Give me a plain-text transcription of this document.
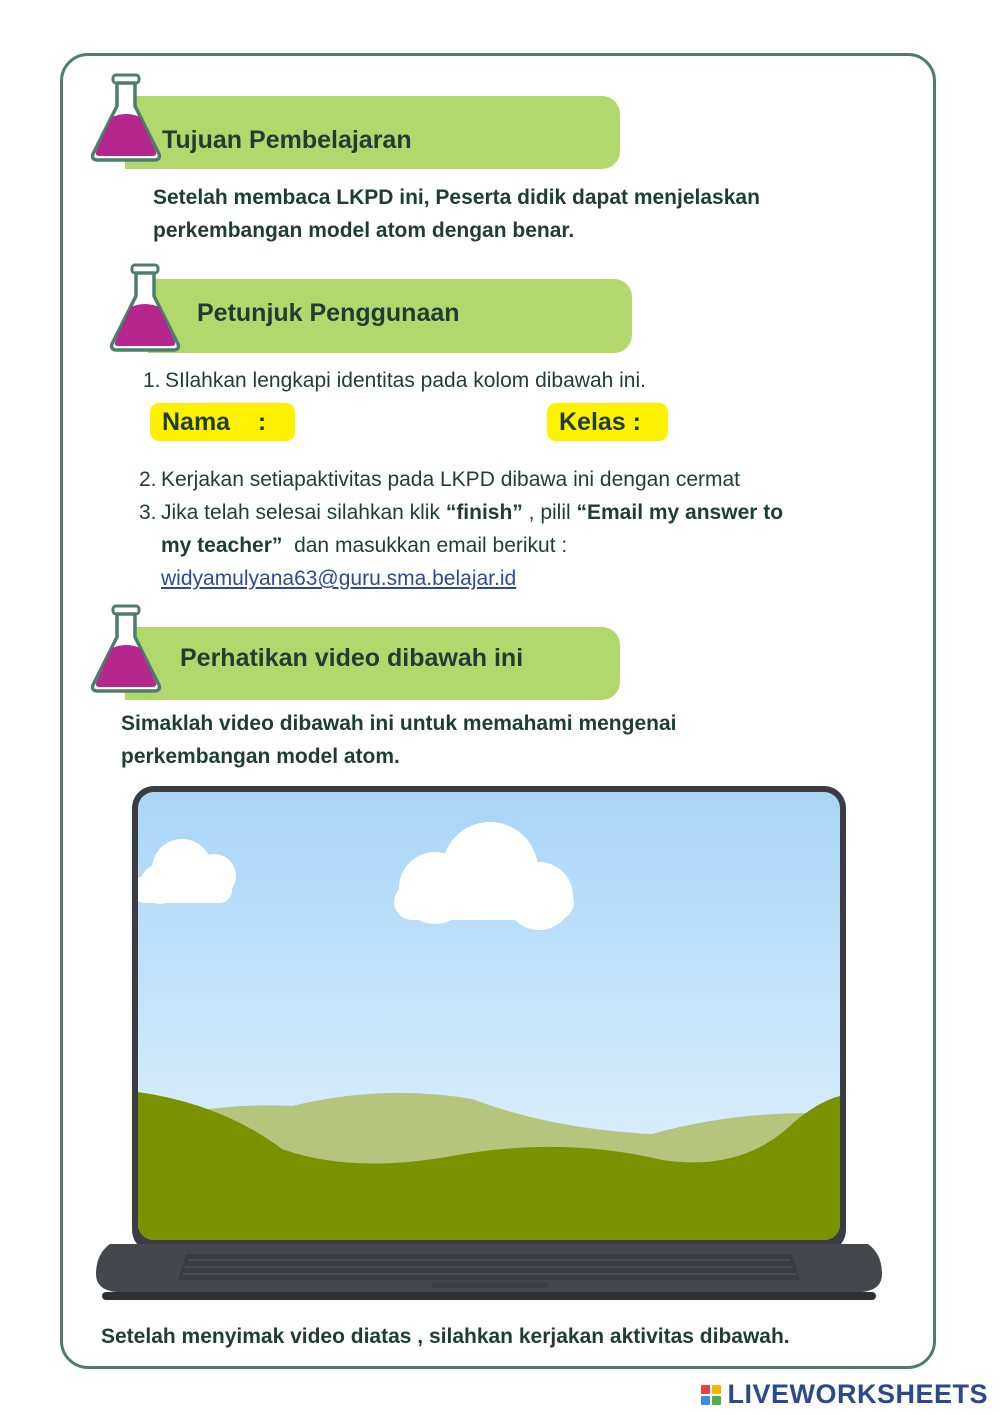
Tujuan Pembelajaran
Setelah membaca LKPD ini, Peserta didik dapat menjelaskan
perkembangan model atom dengan benar.
Petunjuk Penggunaan
1. SIlahkan lengkapi identitas pada kolom dibawah ini.
Nama    :	Kelas :
2. Kerjakan setiapaktivitas pada LKPD dibawa ini dengan cermat
3. Jika telah selesai silahkan klik “finish” , pilil “Email my answer to
my teacher”  dan masukkan email berikut :
widyamulyana63@guru.sma.belajar.id
Perhatikan video dibawah ini
Simaklah video dibawah ini untuk memahami mengenai
perkembangan model atom.
Setelah menyimak video diatas , silahkan kerjakan aktivitas dibawah.
LIVEWORKSHEETS
